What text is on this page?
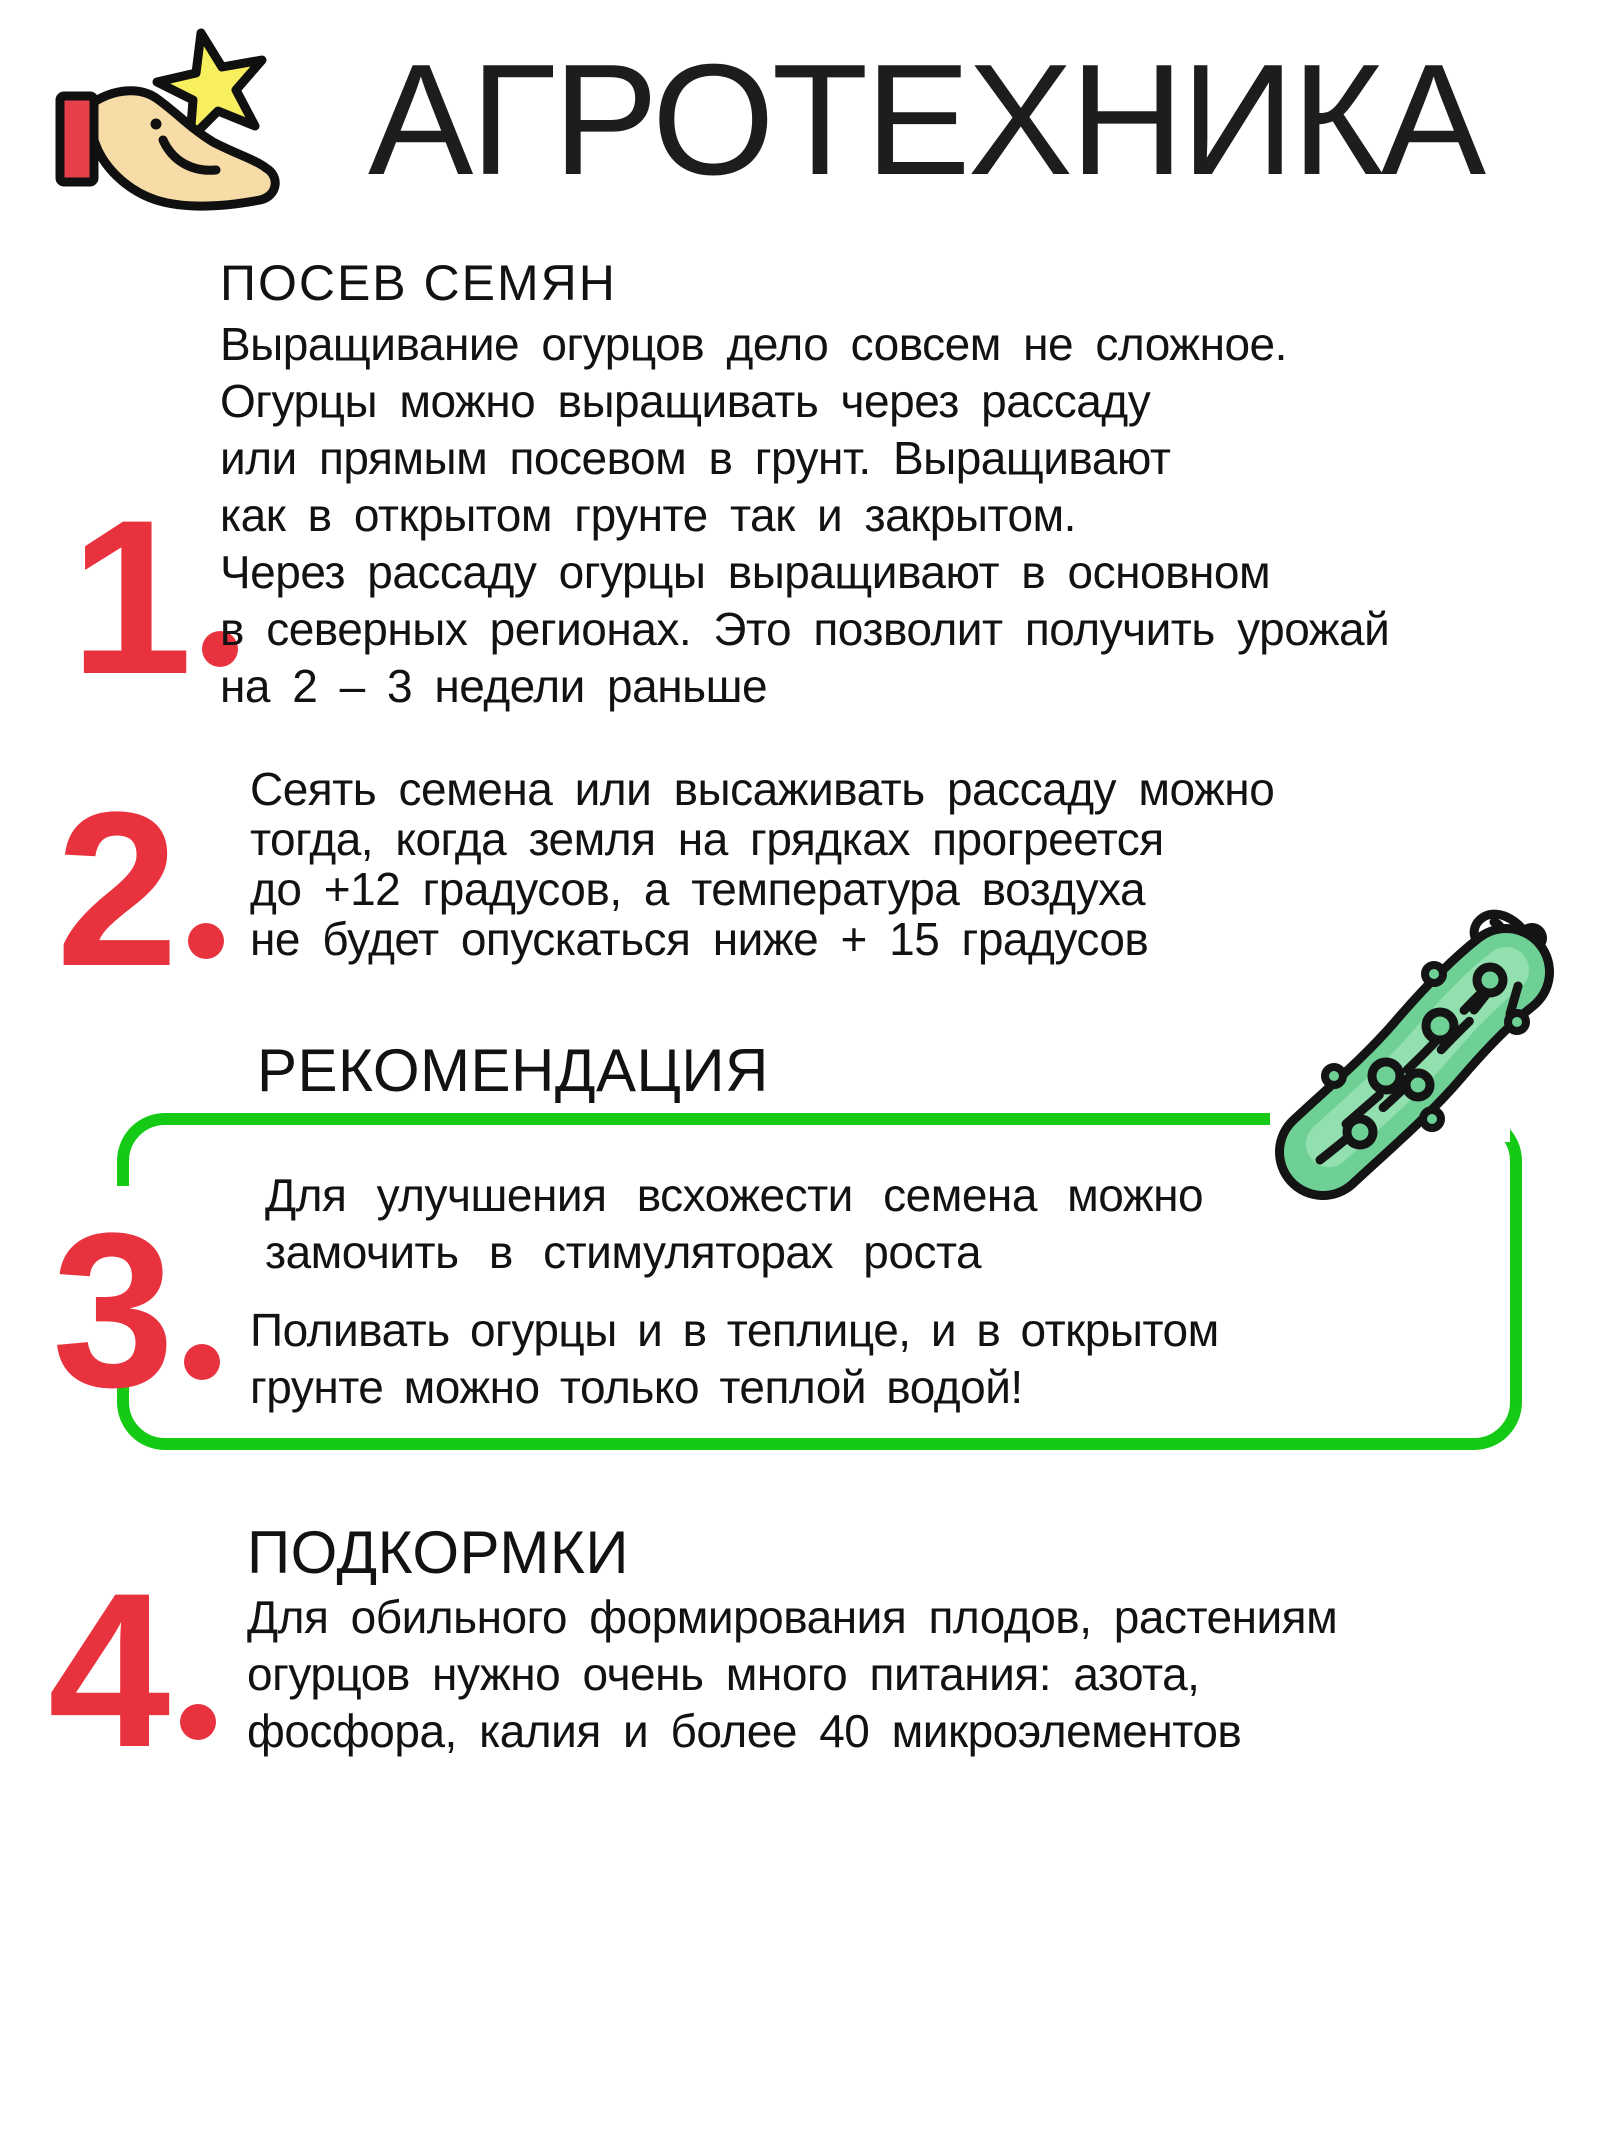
АГРОТЕХНИКА
ПОСЕВ СЕМЯН
1
Выращивание огурцов дело совсем не сложное.
Огурцы можно выращивать через рассаду
или прямым посевом в грунт. Выращивают
как в открытом грунте так и закрытом.
Через рассаду огурцы выращивают в основном
в северных регионах. Это позволит получить урожай
на 2 – 3 недели раньше
2 Сеять семена или высаживать рассаду можно
тогда, когда земля на грядках прогреется
до +12 градусов, а температура воздуха
не будет опускаться ниже + 15 градусов
РЕКОМЕНДАЦИЯ
3 Для улучшения всхожести семена можно
замочить в стимуляторах роста
Поливать огурцы и в теплице, и в открытом
грунте можно только теплой водой!
ПОДКОРМКИ
4 Для обильного формирования плодов, растениям
огурцов нужно очень много питания: азота,
фосфора, калия и более 40 микроэлементов
